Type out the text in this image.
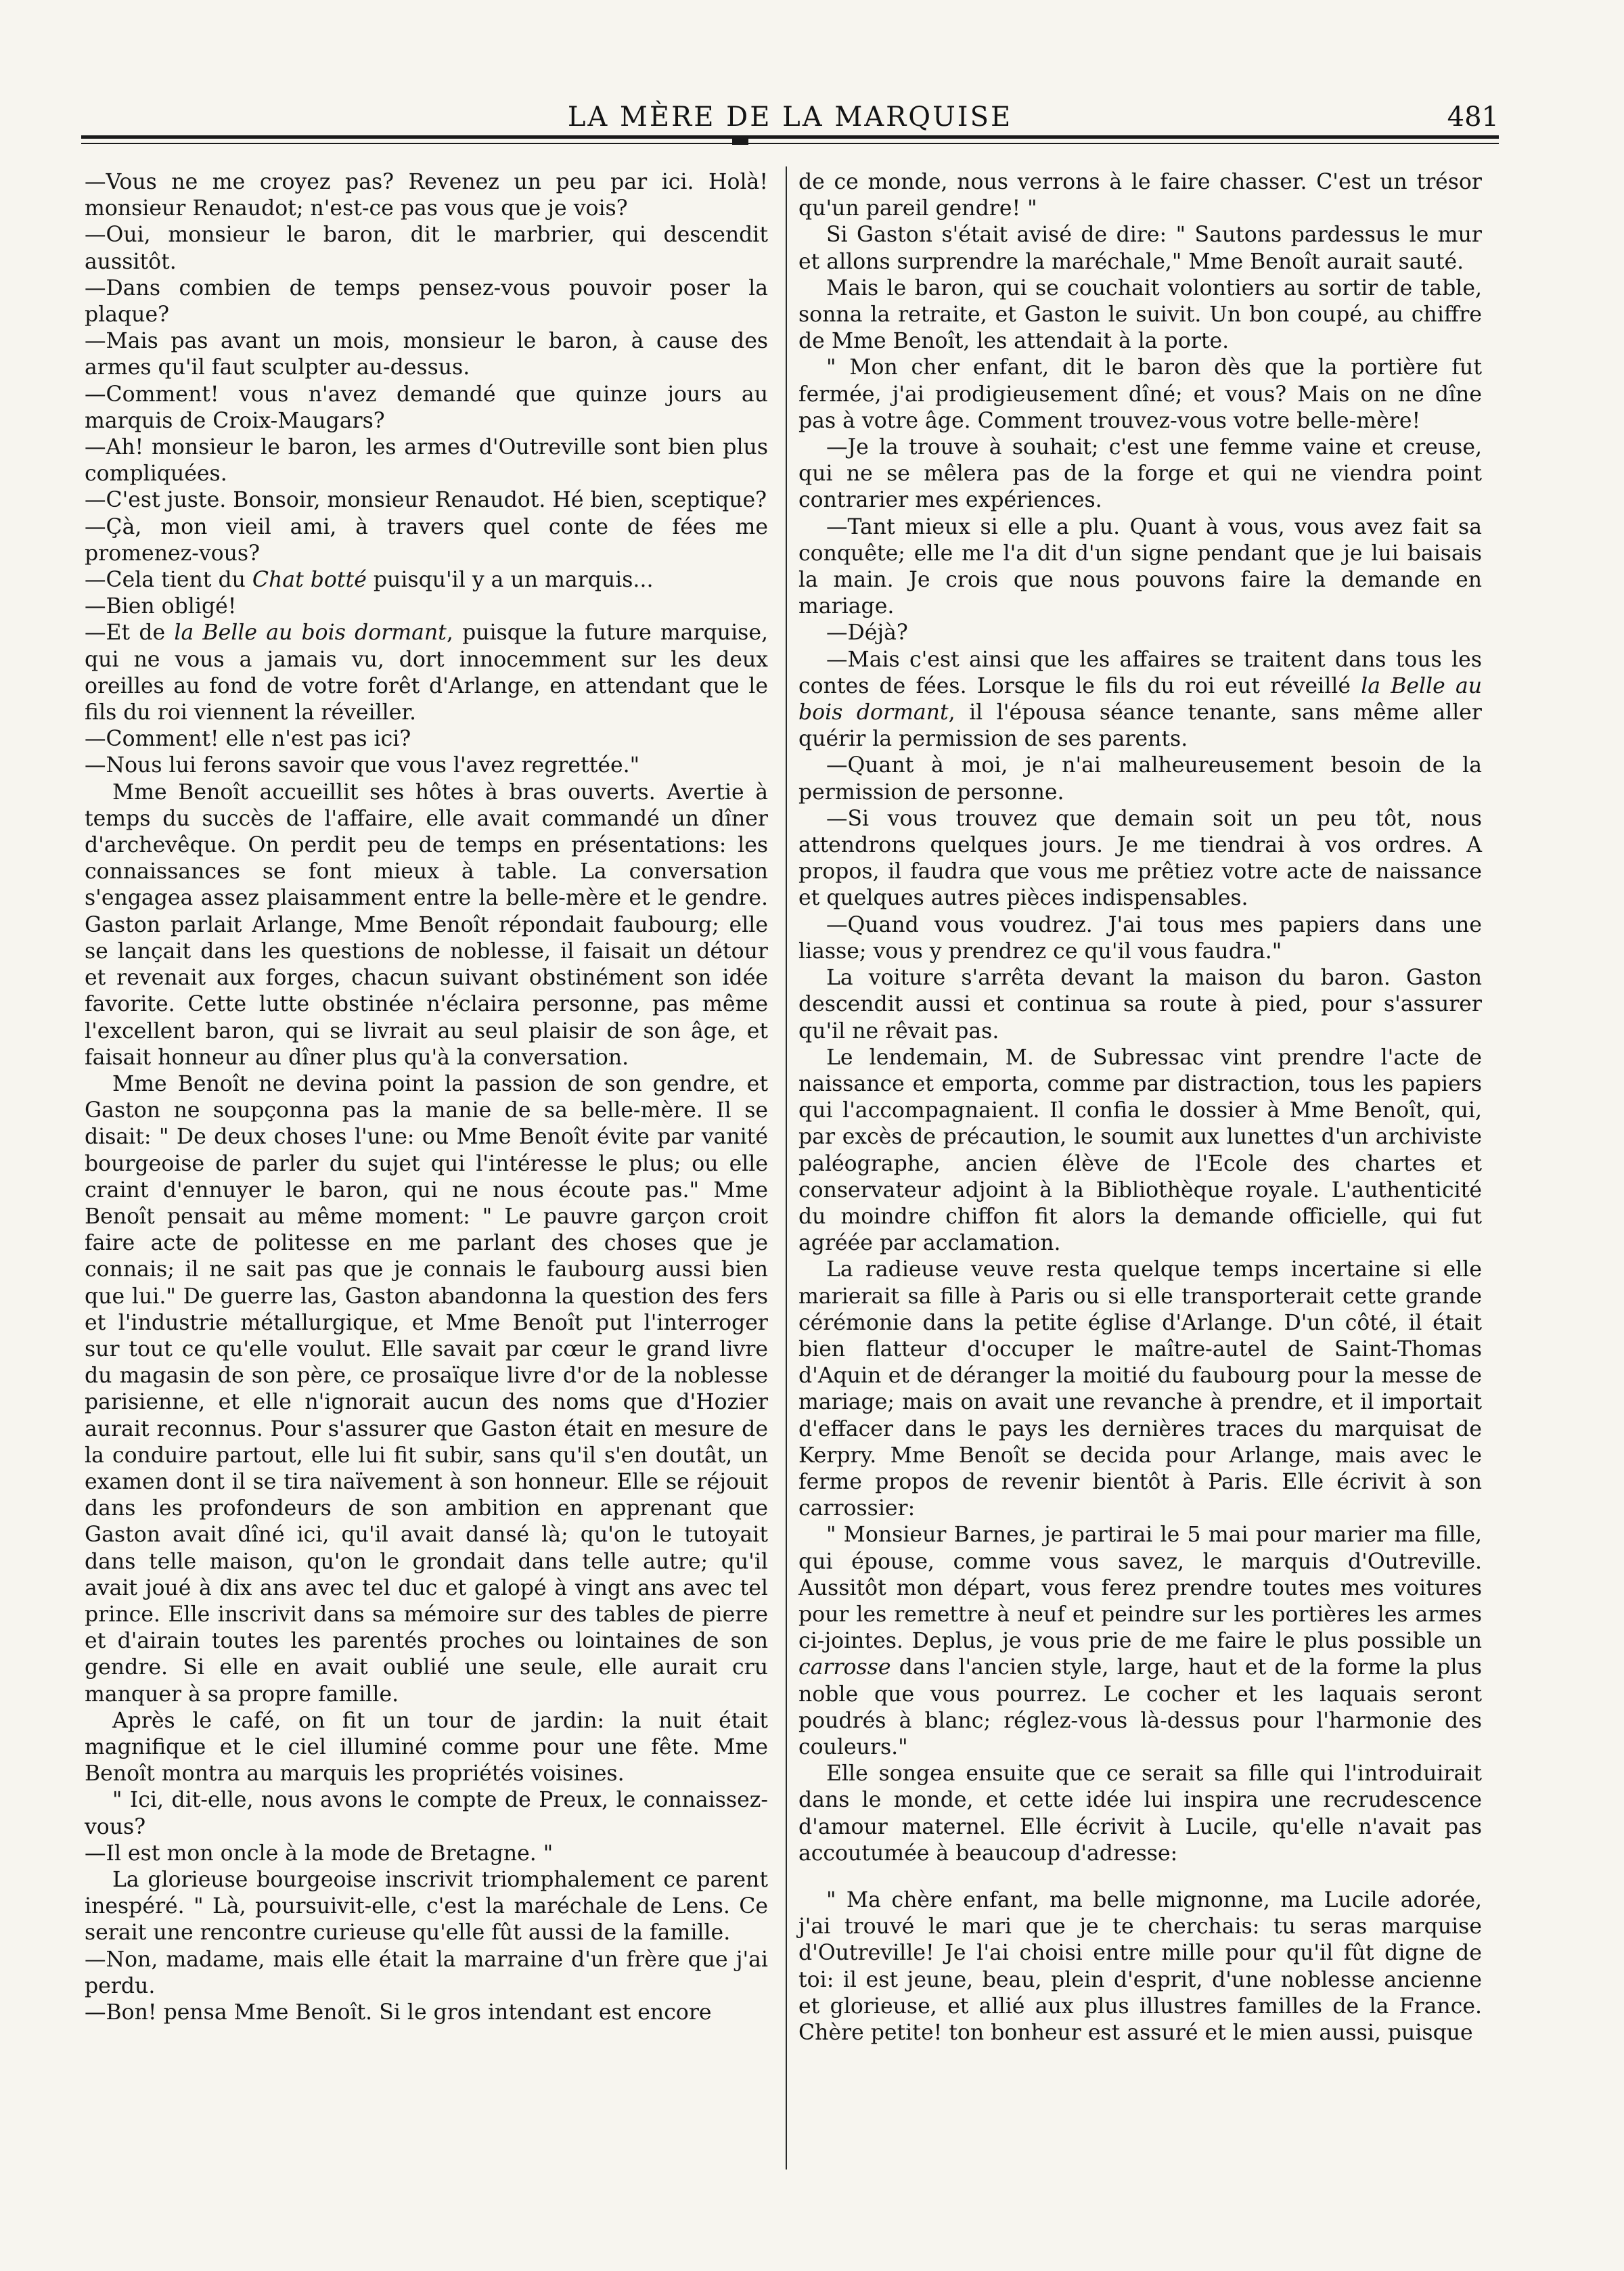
LA MÈRE DE LA MARQUISE	481

—Vous ne me croyez pas? Revenez un peu par ici. Holà! monsieur Renaudot; n'est-ce pas vous que je vois?

—Oui, monsieur le baron, dit le marbrier, qui descendit aussitôt.

—Dans combien de temps pensez-vous pouvoir poser la plaque?

—Mais pas avant un mois, monsieur le baron, à cause des armes qu'il faut sculpter au-dessus.

—Comment! vous n'avez demandé que quinze jours au marquis de Croix-Maugars?

—Ah! monsieur le baron, les armes d'Outreville sont bien plus compliquées.

—C'est juste. Bonsoir, monsieur Renaudot. Hé bien, sceptique?

—Çà, mon vieil ami, à travers quel conte de fées me promenez-vous?

—Cela tient du Chat botté puisqu'il y a un marquis...

—Bien obligé!

—Et de la Belle au bois dormant, puisque la future marquise, qui ne vous a jamais vu, dort innocemment sur les deux oreilles au fond de votre forêt d'Arlange, en attendant que le fils du roi viennent la réveiller.

—Comment! elle n'est pas ici?

—Nous lui ferons savoir que vous l'avez regrettée."

Mme Benoît accueillit ses hôtes à bras ouverts. Avertie à temps du succès de l'affaire, elle avait commandé un dîner d'archevêque. On perdit peu de temps en présentations: les connaissances se font mieux à table. La conversation s'engagea assez plaisamment entre la belle-mère et le gendre. Gaston parlait Arlange, Mme Benoît répondait faubourg; elle se lançait dans les questions de noblesse, il faisait un détour et revenait aux forges, chacun suivant obstinément son idée favorite. Cette lutte obstinée n'éclaira personne, pas même l'excellent baron, qui se livrait au seul plaisir de son âge, et faisait honneur au dîner plus qu'à la conversation.

Mme Benoît ne devina point la passion de son gendre, et Gaston ne soupçonna pas la manie de sa belle-mère. Il se disait: " De deux choses l'une: ou Mme Benoît évite par vanité bourgeoise de parler du sujet qui l'intéresse le plus; ou elle craint d'ennuyer le baron, qui ne nous écoute pas." Mme Benoît pensait au même moment: " Le pauvre garçon croit faire acte de politesse en me parlant des choses que je connais; il ne sait pas que je connais le faubourg aussi bien que lui." De guerre las, Gaston abandonna la question des fers et l'industrie métallurgique, et Mme Benoît put l'interroger sur tout ce qu'elle voulut. Elle savait par cœur le grand livre du magasin de son père, ce prosaïque livre d'or de la noblesse parisienne, et elle n'ignorait aucun des noms que d'Hozier aurait reconnus. Pour s'assurer que Gaston était en mesure de la conduire partout, elle lui fit subir, sans qu'il s'en doutât, un examen dont il se tira naïvement à son honneur. Elle se réjouit dans les profondeurs de son ambition en apprenant que Gaston avait dîné ici, qu'il avait dansé là; qu'on le tutoyait dans telle maison, qu'on le grondait dans telle autre; qu'il avait joué à dix ans avec tel duc et galopé à vingt ans avec tel prince. Elle inscrivit dans sa mémoire sur des tables de pierre et d'airain toutes les parentés proches ou lointaines de son gendre. Si elle en avait oublié une seule, elle aurait cru manquer à sa propre famille.

Après le café, on fit un tour de jardin: la nuit était magnifique et le ciel illuminé comme pour une fête. Mme Benoît montra au marquis les propriétés voisines.

" Ici, dit-elle, nous avons le compte de Preux, le connaissez-vous?

—Il est mon oncle à la mode de Bretagne. "

La glorieuse bourgeoise inscrivit triomphalement ce parent inespéré. " Là, poursuivit-elle, c'est la maréchale de Lens. Ce serait une rencontre curieuse qu'elle fût aussi de la famille.

—Non, madame, mais elle était la marraine d'un frère que j'ai perdu.

—Bon! pensa Mme Benoît. Si le gros intendant est encore

de ce monde, nous verrons à le faire chasser. C'est un trésor qu'un pareil gendre! "

Si Gaston s'était avisé de dire: " Sautons pardessus le mur et allons surprendre la maréchale," Mme Benoît aurait sauté.

Mais le baron, qui se couchait volontiers au sortir de table, sonna la retraite, et Gaston le suivit. Un bon coupé, au chiffre de Mme Benoît, les attendait à la porte.

" Mon cher enfant, dit le baron dès que la portière fut fermée, j'ai prodigieusement dîné; et vous? Mais on ne dîne pas à votre âge. Comment trouvez-vous votre belle-mère!

—Je la trouve à souhait; c'est une femme vaine et creuse, qui ne se mêlera pas de la forge et qui ne viendra point contrarier mes expériences.

—Tant mieux si elle a plu. Quant à vous, vous avez fait sa conquête; elle me l'a dit d'un signe pendant que je lui baisais la main. Je crois que nous pouvons faire la demande en mariage.

—Déjà?

—Mais c'est ainsi que les affaires se traitent dans tous les contes de fées. Lorsque le fils du roi eut réveillé la Belle au bois dormant, il l'épousa séance tenante, sans même aller quérir la permission de ses parents.

—Quant à moi, je n'ai malheureusement besoin de la permission de personne.

—Si vous trouvez que demain soit un peu tôt, nous attendrons quelques jours. Je me tiendrai à vos ordres. A propos, il faudra que vous me prêtiez votre acte de naissance et quelques autres pièces indispensables.

—Quand vous voudrez. J'ai tous mes papiers dans une liasse; vous y prendrez ce qu'il vous faudra."

La voiture s'arrêta devant la maison du baron. Gaston descendit aussi et continua sa route à pied, pour s'assurer qu'il ne rêvait pas.

Le lendemain, M. de Subressac vint prendre l'acte de naissance et emporta, comme par distraction, tous les papiers qui l'accompagnaient. Il confia le dossier à Mme Benoît, qui, par excès de précaution, le soumit aux lunettes d'un archiviste paléographe, ancien élève de l'Ecole des chartes et conservateur adjoint à la Bibliothèque royale. L'authenticité du moindre chiffon fit alors la demande officielle, qui fut agréée par acclamation.

La radieuse veuve resta quelque temps incertaine si elle marierait sa fille à Paris ou si elle transporterait cette grande cérémonie dans la petite église d'Arlange. D'un côté, il était bien flatteur d'occuper le maître-autel de Saint-Thomas d'Aquin et de déranger la moitié du faubourg pour la messe de mariage; mais on avait une revanche à prendre, et il importait d'effacer dans le pays les dernières traces du marquisat de Kerpry. Mme Benoît se decida pour Arlange, mais avec le ferme propos de revenir bientôt à Paris. Elle écrivit à son carrossier:

" Monsieur Barnes, je partirai le 5 mai pour marier ma fille, qui épouse, comme vous savez, le marquis d'Outreville. Aussitôt mon départ, vous ferez prendre toutes mes voitures pour les remettre à neuf et peindre sur les portières les armes ci-jointes. Deplus, je vous prie de me faire le plus possible un carrosse dans l'ancien style, large, haut et de la forme la plus noble que vous pourrez. Le cocher et les laquais seront poudrés à blanc; réglez-vous là-dessus pour l'harmonie des couleurs."

Elle songea ensuite que ce serait sa fille qui l'introduirait dans le monde, et cette idée lui inspira une recrudescence d'amour maternel. Elle écrivit à Lucile, qu'elle n'avait pas accoutumée à beaucoup d'adresse:

" Ma chère enfant, ma belle mignonne, ma Lucile adorée, j'ai trouvé le mari que je te cherchais: tu seras marquise d'Outreville! Je l'ai choisi entre mille pour qu'il fût digne de toi: il est jeune, beau, plein d'esprit, d'une noblesse ancienne et glorieuse, et allié aux plus illustres familles de la France. Chère petite! ton bonheur est assuré et le mien aussi, puisque
